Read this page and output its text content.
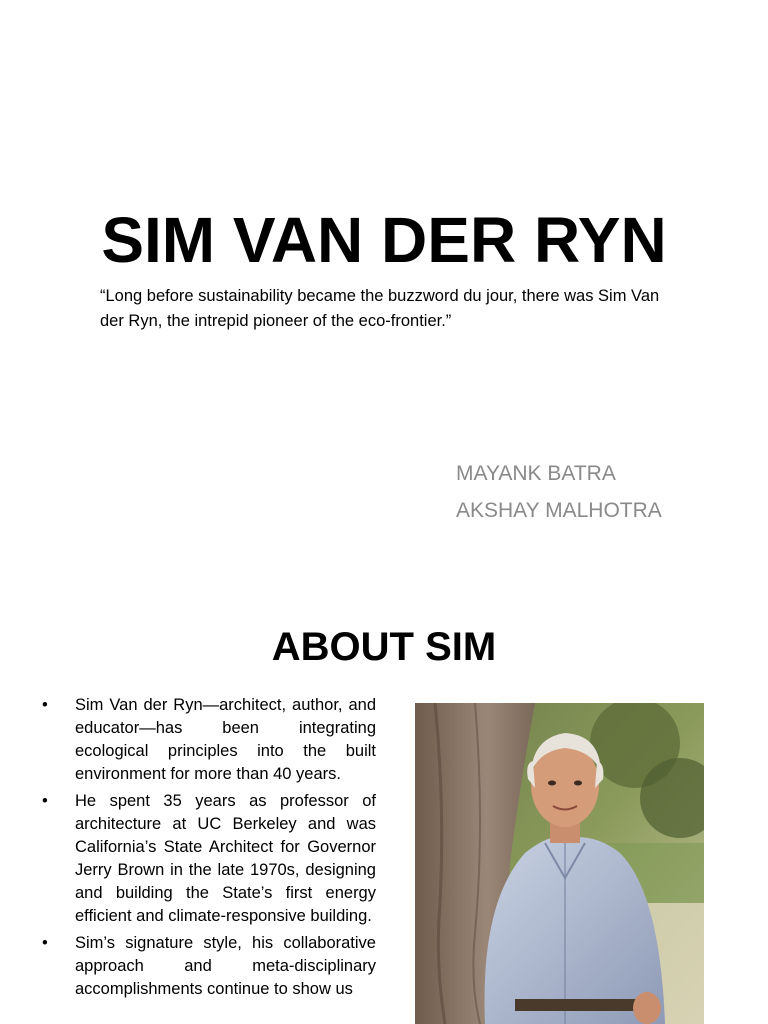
SIM VAN DER RYN
“Long before sustainability became the buzzword du jour, there was Sim Van der Ryn, the intrepid pioneer of the eco-frontier.”
MAYANK BATRA
AKSHAY MALHOTRA
ABOUT SIM
•	Sim Van der Ryn—architect, author, and educator—has been integrating ecological principles into the built environment for more than 40 years.
•	He spent 35 years as professor of architecture at UC Berkeley and was California’s State Architect for Governor Jerry Brown in the late 1970s, designing and building the State’s first energy efficient and climate-responsive building.
•	Sim’s signature style, his collaborative approach and meta-disciplinary accomplishments continue to show us
